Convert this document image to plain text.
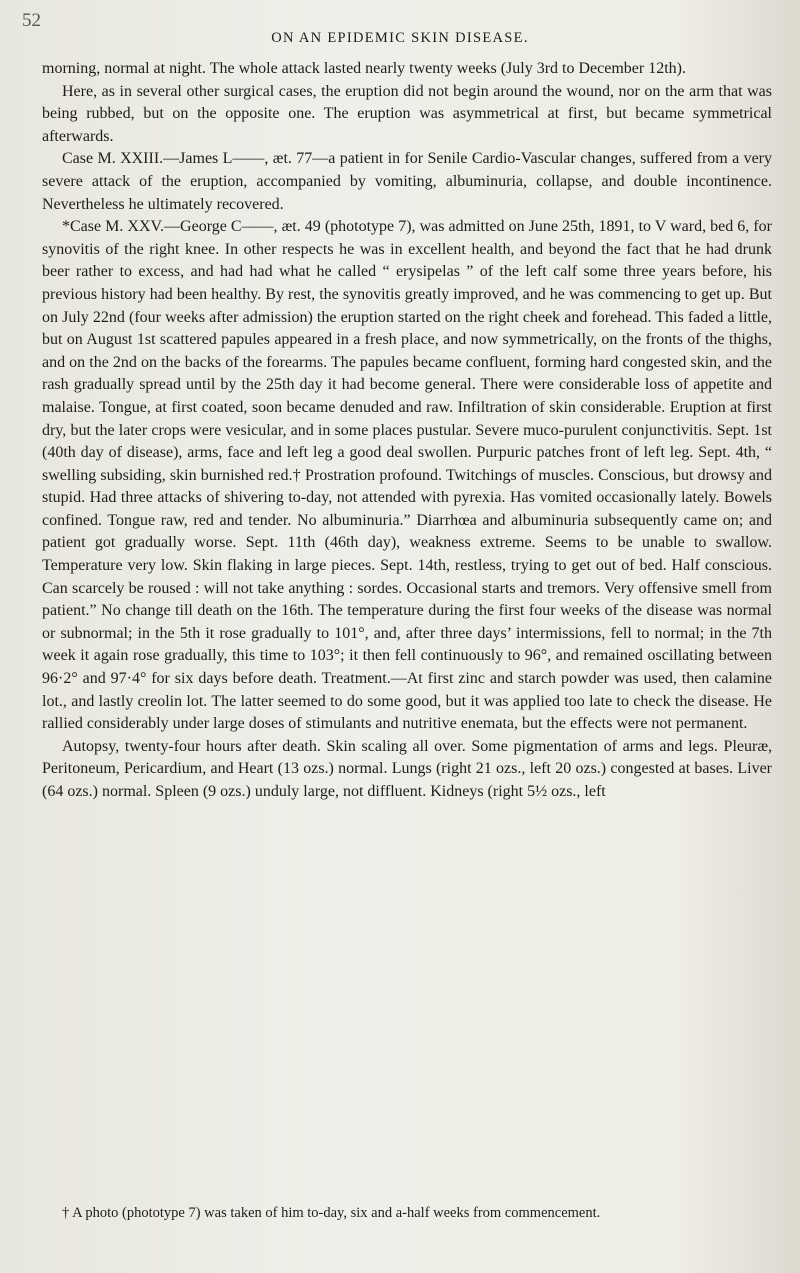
52
ON AN EPIDEMIC SKIN DISEASE.

morning, normal at night. The whole attack lasted nearly twenty weeks (July 3rd to December 12th).

Here, as in several other surgical cases, the eruption did not begin around the wound, nor on the arm that was being rubbed, but on the opposite one. The eruption was asymmetrical at first, but became symmetrical afterwards.

Case M. XXIII.—James L——, æt. 77—a patient in for Senile Cardio-Vascular changes, suffered from a very severe attack of the eruption, accompanied by vomiting, albuminuria, collapse, and double incontinence. Nevertheless he ultimately recovered.

*Case M. XXV.—George C——, æt. 49 (phototype 7), was admitted on June 25th, 1891, to V ward, bed 6, for synovitis of the right knee. In other respects he was in excellent health, and beyond the fact that he had drunk beer rather to excess, and had had what he called “ erysipelas ” of the left calf some three years before, his previous history had been healthy. By rest, the synovitis greatly improved, and he was commencing to get up. But on July 22nd (four weeks after admission) the eruption started on the right cheek and forehead. This faded a little, but on August 1st scattered papules appeared in a fresh place, and now symmetrically, on the fronts of the thighs, and on the 2nd on the backs of the forearms. The papules became confluent, forming hard congested skin, and the rash gradually spread until by the 25th day it had become general. There were considerable loss of appetite and malaise. Tongue, at first coated, soon became denuded and raw. Infiltration of skin considerable. Eruption at first dry, but the later crops were vesicular, and in some places pustular. Severe muco-purulent conjunctivitis. Sept. 1st (40th day of disease), arms, face and left leg a good deal swollen. Purpuric patches front of left leg. Sept. 4th, “ swelling subsiding, skin burnished red.† Prostration profound. Twitchings of muscles. Conscious, but drowsy and stupid. Had three attacks of shivering to-day, not attended with pyrexia. Has vomited occasionally lately. Bowels confined. Tongue raw, red and tender. No albuminuria.” Diarrhœa and albuminuria subsequently came on; and patient got gradually worse. Sept. 11th (46th day), weakness extreme. Seems to be unable to swallow. Temperature very low. Skin flaking in large pieces. Sept. 14th, restless, trying to get out of bed. Half conscious. Can scarcely be roused : will not take anything : sordes. Occasional starts and tremors. Very offensive smell from patient.” No change till death on the 16th. The temperature during the first four weeks of the disease was normal or subnormal; in the 5th it rose gradually to 101°, and, after three days’ intermissions, fell to normal; in the 7th week it again rose gradually, this time to 103°; it then fell continuously to 96°, and remained oscillating between 96·2° and 97·4° for six days before death. Treatment.—At first zinc and starch powder was used, then calamine lot., and lastly creolin lot. The latter seemed to do some good, but it was applied too late to check the disease. He rallied considerably under large doses of stimulants and nutritive enemata, but the effects were not permanent.

Autopsy, twenty-four hours after death. Skin scaling all over. Some pigmentation of arms and legs. Pleuræ, Peritoneum, Pericardium, and Heart (13 ozs.) normal. Lungs (right 21 ozs., left 20 ozs.) congested at bases. Liver (64 ozs.) normal. Spleen (9 ozs.) unduly large, not diffluent. Kidneys (right 5½ ozs., left

† A photo (phototype 7) was taken of him to-day, six and a-half weeks from commencement.
